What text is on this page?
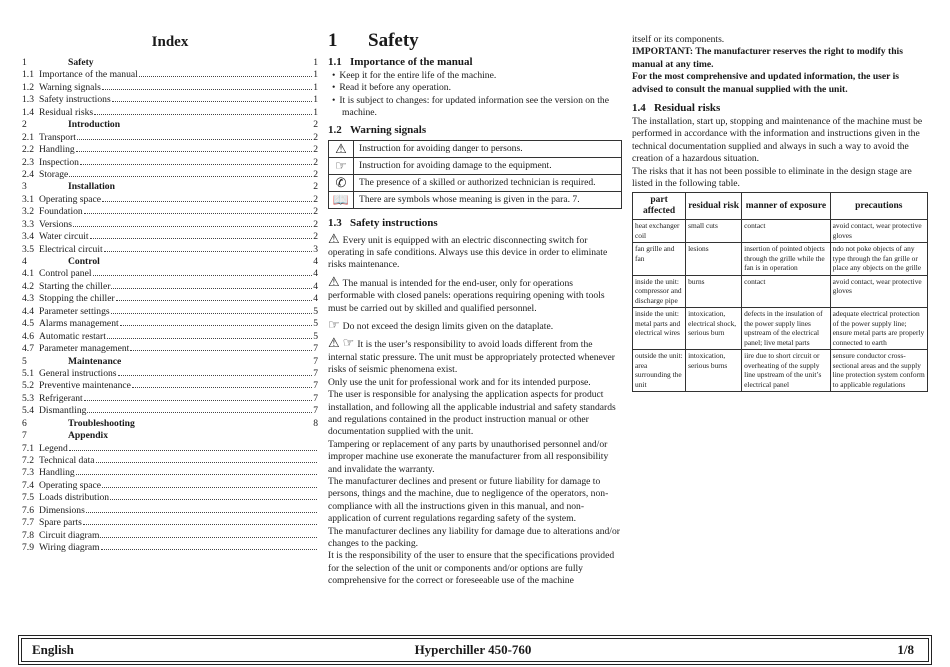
Index
1	Safety	1
1.1 Importance of the manual	1
1.2 Warning signals	1
1.3 Safety instructions	1
1.4 Residual risks	1
2	Introduction	2
2.1 Transport	2
2.2 Handling	2
2.3 Inspection	2
2.4 Storage	2
3	Installation	2
3.1 Operating space	2
3.2 Foundation	2
3.3 Versions	2
3.4 Water circuit	2
3.5 Electrical circuit	3
4	Control	4
4.1 Control panel	4
4.2 Starting the chiller	4
4.3 Stopping the chiller	4
4.4 Parameter settings	5
4.5 Alarms management	5
4.6 Automatic restart	5
4.7 Parameter management	7
5	Maintenance	7
5.1 General instructions	7
5.2 Preventive maintenance	7
5.3 Refrigerant	7
5.4 Dismantling	7
6	Troubleshooting	8
7	Appendix
7.1 Legend
7.2 Technical data
7.3 Handling
7.4 Operating space
7.5 Loads distribution
7.6 Dimensions
7.7 Spare parts
7.8 Circuit diagram
7.9 Wiring diagram
1	Safety
1.1 Importance of the manual
• Keep it for the entire life of the machine.
• Read it before any operation.
• It is subject to changes: for updated information see the version on the machine.
1.2 Warning signals
⚠	Instruction for avoiding danger to persons.
☞	Instruction for avoiding damage to the equipment.
✆	The presence of a skilled or authorized technician is required.
📖	There are symbols whose meaning is given in the para. 7.
1.3 Safety instructions

⚠ Every unit is equipped with an electric disconnecting switch for operating in safe conditions. Always use this device in order to eliminate risks maintenance.

⚠ The manual is intended for the end-user, only for operations performable with closed panels: operations requiring opening with tools must be carried out by skilled and qualified personnel.

☞ Do not exceed the design limits given on the dataplate.

⚠ ☞ It is the user’s responsibility to avoid loads different from the internal static pressure. The unit must be appropriately protected whenever risks of seismic phenomena exist.

Only use the unit for professional work and for its intended purpose.

The user is responsible for analysing the application aspects for product installation, and following all the applicable industrial and safety standards and regulations contained in the product instruction manual or other documentation supplied with the unit.

Tampering or replacement of any parts by unauthorised personnel and/or improper machine use exonerate the manufacturer from all responsibility and invalidate the warranty.

The manufacturer declines and present or future liability for damage to persons, things and the machine, due to negligence of the operators, non-compliance with all the instructions given in this manual, and non-application of current regulations regarding safety of the system.

The manufacturer declines any liability for damage due to alterations and/or changes to the packing.

It is the responsibility of the user to ensure that the specifications provided for the selection of the unit or components and/or options are fully comprehensive for the correct or foreseeable use of the machine

itself or its components.

IMPORTANT: The manufacturer reserves the right to modify this manual at any time.

For the most comprehensive and updated information, the user is advised to consult the manual supplied with the unit.

1.4 Residual risks

The installation, start up, stopping and maintenance of the machine must be performed in accordance with the information and instructions given in the technical documentation supplied and always in such a way to avoid the creation of a hazardous situation.

The risks that it has not been possible to eliminate in the design stage are listed in the following table.

part affected	residual risk	manner of exposure	precautions
heat exchanger coil	small cuts	contact	avoid contact, wear protective gloves
fan grille and fan	lesions	insertion of pointed objects through the grille while the fan is in operation	ndo not poke objects of any type through the fan grille or place any objects on the grille
inside the unit: compressor and discharge pipe	burns	contact	avoid contact, wear protective gloves
inside the unit: metal parts and electrical wires	intoxication, electrical shock, serious burn	defects in the insulation of the power supply lines upstream of the electrical panel; live metal parts	adequate electrical protection of the power supply line; ensure metal parts are properly connected to earth
outside the unit: area surrounding the unit	intoxication, serious burns	iire due to short circuit or overheating of the supply line upstream of the unit’s electrical panel	sensure conductor cross-sectional areas and the supply line protection system conform to applicable regulations
English	Hyperchiller 450-760	1/8
